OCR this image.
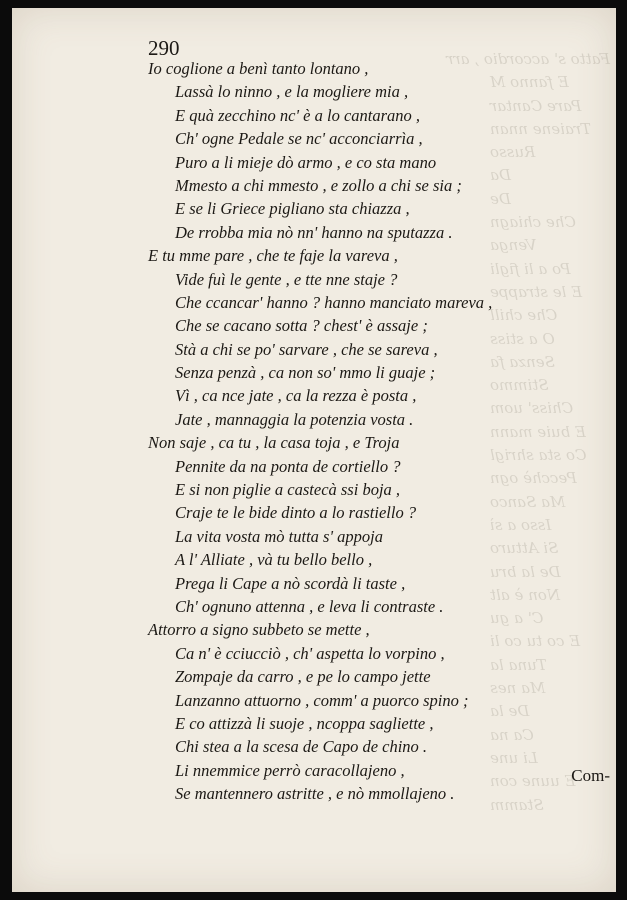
Fatto s' accordio , arr
E fanno M
Pare Cantar
Traiene nnan
Russo
Da
De
Che chiagn
Venga
Po a li figli
E le strappe
Che chill
O a stiss
Senza fa
Stimmo
Chiss' uom
E buie mann
Co sta shrigl
Pecchè ogn
Ma Sanco
Isso a sì
Si Atturo
De la bru
Non è alt
C' a gu
E co tu co li
Tuna la
Ma nes
De la
Ca na
Li une
E uune con
Stamm
290
Io coglione a benì tanto lontano ,
Lassà lo ninno , e la mogliere mia ,
E quà zecchino nc' è a lo cantarano ,
Ch' ogne Pedale se nc' acconciarrìa ,
Puro a li mieje dò armo , e co sta mano
Mmesto a chi mmesto , e zollo a chi se sia ;
E se li Griece pigliano sta chiazza ,
De rrobba mia nò nn' hanno na sputazza .
E tu mme pare , che te faje la vareva ,
Vide fuì le gente , e tte nne staje ?
Che ccancar' hanno ? hanno manciato mareva ,
Che se cacano sotta ? chest' è assaje ;
Stà a chi se po' sarvare , che se sareva ,
Senza penzà , ca non so' mmo li guaje ;
Vì , ca nce jate , ca la rezza è posta ,
Jate , mannaggia la potenzia vosta .
Non saje , ca tu , la casa toja , e Troja
Pennite da na ponta de cortiello ?
E si non piglie a castecà ssi boja ,
Craje te le bide dinto a lo rastiello ?
La vita vosta mò tutta s' appoja
A l' Alliate , và tu bello bello ,
Prega li Cape a nò scordà li taste ,
Ch' ognuno attenna , e leva li contraste .
Attorro a signo subbeto se mette ,
Ca n' è cciucciò , ch' aspetta lo vorpino ,
Zompaje da carro , e pe lo campo jette
Lanzanno attuorno , comm' a puorco spino ;
E co attizzà li suoje , ncoppa sagliette ,
Chi stea a la scesa de Capo de chino .
Li nnemmice perrò caracollajeno ,
Se mantennero astritte , e nò mmollajeno .
Com-
